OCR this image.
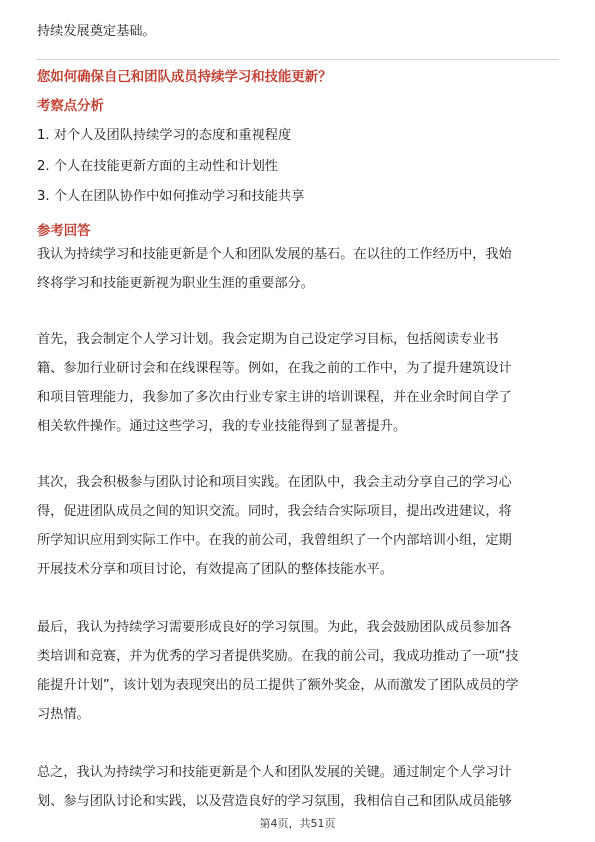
持续发展奠定基础。
您如何确保自己和团队成员持续学习和技能更新？
考察点分析
1. 对个人及团队持续学习的态度和重视程度
2. 个人在技能更新方面的主动性和计划性
3. 个人在团队协作中如何推动学习和技能共享
参考回答
我认为持续学习和技能更新是个人和团队发展的基石。在以往的工作经历中，我始
终将学习和技能更新视为职业生涯的重要部分。
首先，我会制定个人学习计划。我会定期为自己设定学习目标，包括阅读专业书
籍、参加行业研讨会和在线课程等。例如，在我之前的工作中，为了提升建筑设计
和项目管理能力，我参加了多次由行业专家主讲的培训课程，并在业余时间自学了
相关软件操作。通过这些学习，我的专业技能得到了显著提升。
其次，我会积极参与团队讨论和项目实践。在团队中，我会主动分享自己的学习心
得，促进团队成员之间的知识交流。同时，我会结合实际项目，提出改进建议，将
所学知识应用到实际工作中。在我的前公司，我曾组织了一个内部培训小组，定期
开展技术分享和项目讨论，有效提高了团队的整体技能水平。
最后，我认为持续学习需要形成良好的学习氛围。为此，我会鼓励团队成员参加各
类培训和竞赛，并为优秀的学习者提供奖励。在我的前公司，我成功推动了一项“技
能提升计划”，该计划为表现突出的员工提供了额外奖金，从而激发了团队成员的学
习热情。
总之，我认为持续学习和技能更新是个人和团队发展的关键。通过制定个人学习计
划、参与团队讨论和实践，以及营造良好的学习氛围，我相信自己和团队成员能够
第4页，共51页
